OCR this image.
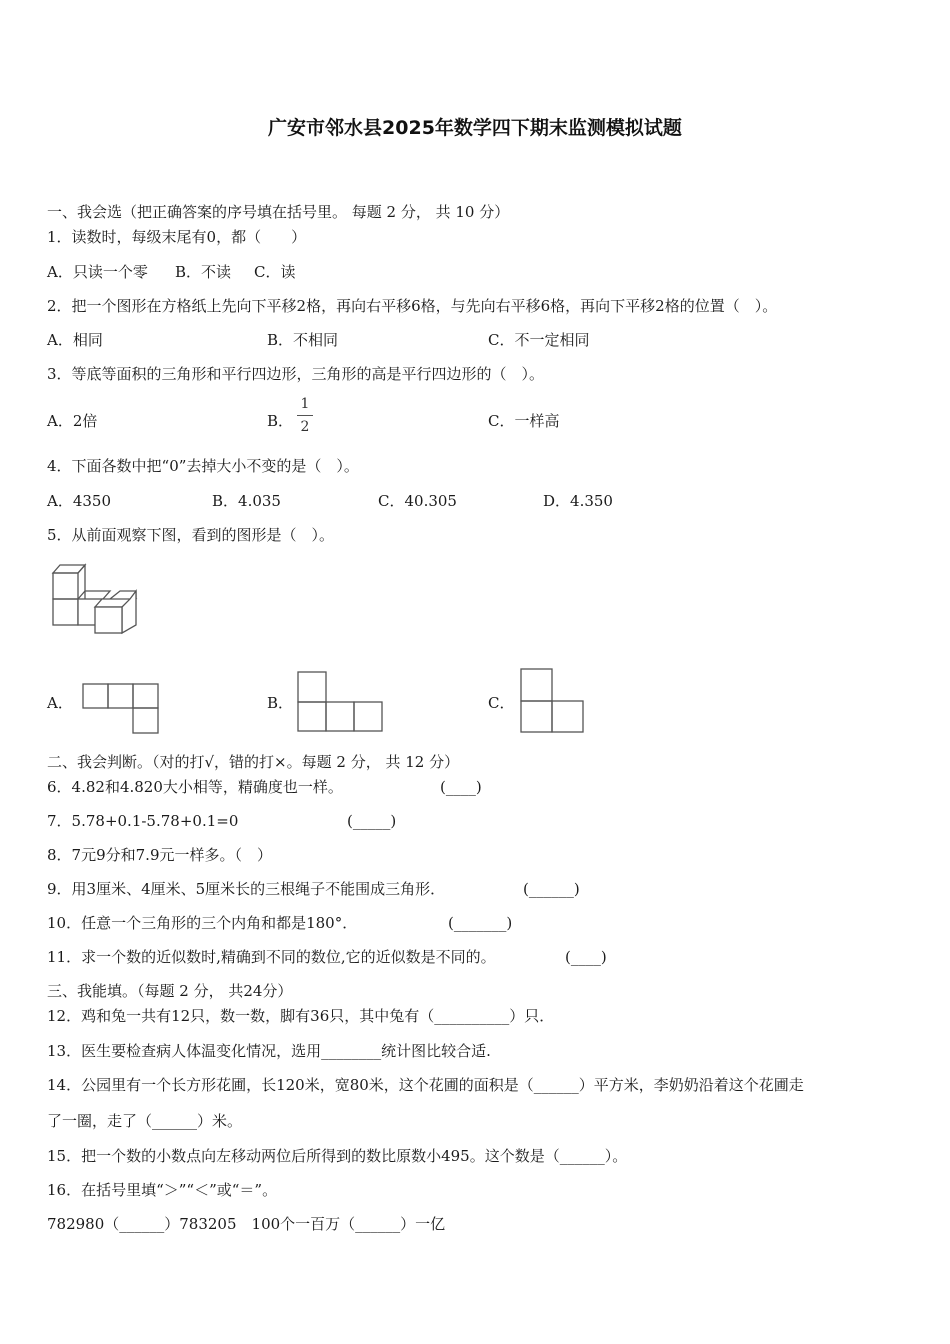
广安市邻水县2025年数学四下期末监测模拟试题
一、我会选（把正确答案的序号填在括号里。 每题 2 分， 共 10 分）
1．读数时，每级末尾有0，都（　　）
A．只读一个零 B．不读 C．读
2．把一个图形在方格纸上先向下平移2格，再向右平移6格，与先向右平移6格，再向下平移2格的位置（　）。
A．相同	B．不相同	C．不一定相同
3．等底等面积的三角形和平行四边形，三角形的高是平行四边形的（　）。
A．2倍	B．
1
2	C．一样高
4．下面各数中把“0”去掉大小不变的是（　）。
A．4350	B．4.035	C．40.305	D．4.350
5．从前面观察下图，看到的图形是（　）。
A．	B．	C．
二、我会判断。（对的打√，错的打×。每题 2 分， 共 12 分）
6．4.82和4.820大小相等，精确度也一样。	(____)
7．5.78+0.1-5.78+0.1=0	(_____)
8．7元9分和7.9元一样多。（　）
9．用3厘米、4厘米、5厘米长的三根绳子不能围成三角形．	(______)
10．任意一个三角形的三个内角和都是180°．	(_______)
11．求一个数的近似数时,精确到不同的数位,它的近似数是不同的。	(____)
三、我能填。（每题 2 分， 共24分）
12．鸡和兔一共有12只，数一数，脚有36只，其中兔有（__________）只．
13．医生要检查病人体温变化情况，选用________统计图比较合适.
14．公园里有一个长方形花圃，长120米，宽80米，这个花圃的面积是（______）平方米，李奶奶沿着这个花圃走
了一圈，走了（______）米。
15．把一个数的小数点向左移动两位后所得到的数比原数小495。这个数是（______）。
16．在括号里填“＞”“＜”或“＝”。
782980（______）783205　100个一百万（______）一亿
